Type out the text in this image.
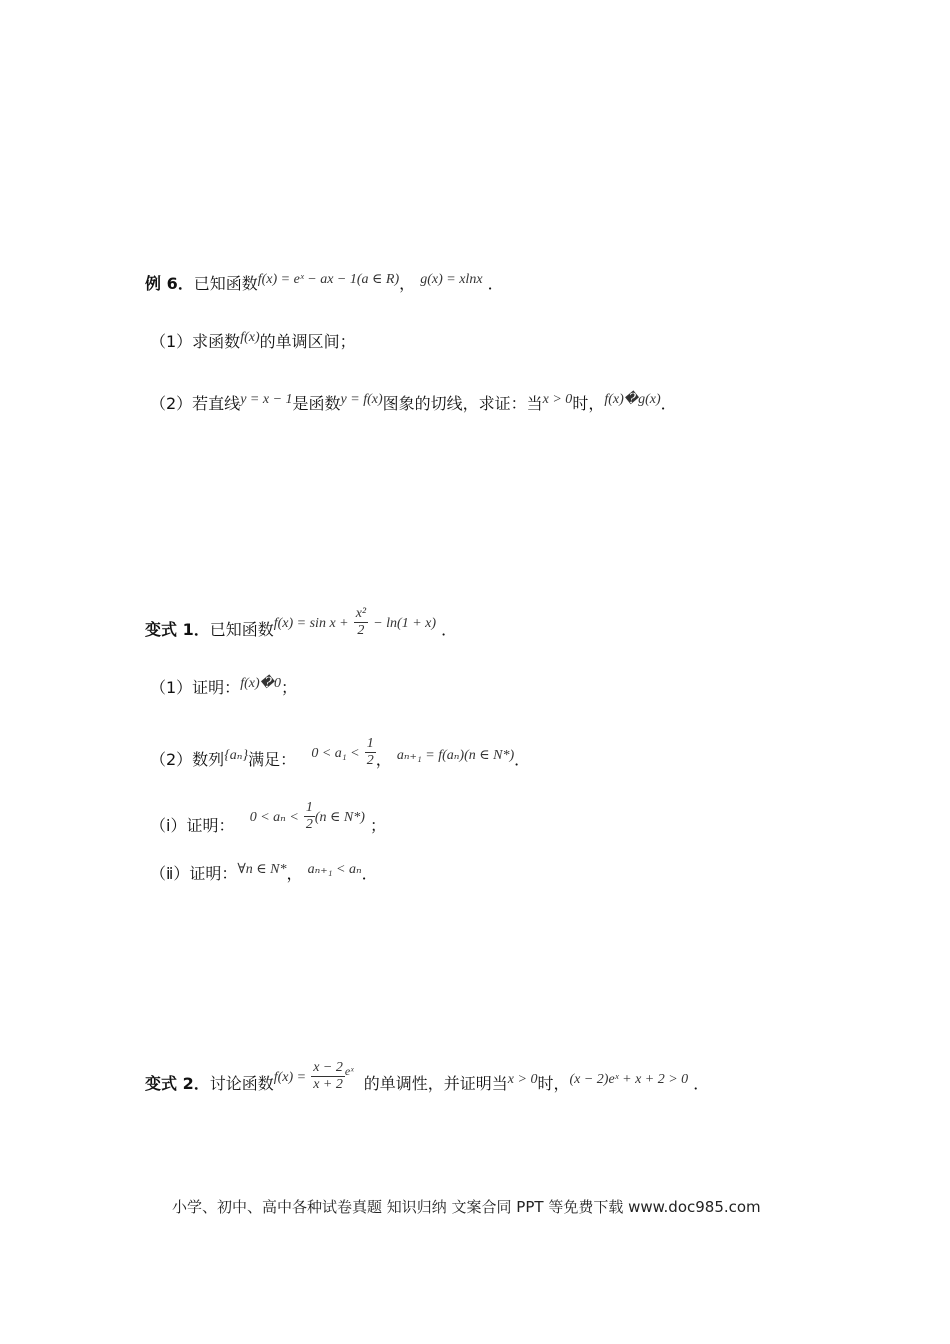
例 6．已知函数f(x) = eˣ − ax − 1(a ∈ R)， g(x) = xlnx ．
（1）求函数f(x)的单调区间；
（2）若直线y = x − 1是函数y = f(x)图象的切线，求证：当x > 0时，f(x)�g(x)．
变式 1．已知函数$f(x) = \sin x + \frac{\text{x²}}{2} - \ln(1 + x)$ ．
（1）证明：f(x)�0；
（2）数列{aₙ}满足： $0 < a_1 < \frac{1}{2}$ ， aₙ₊₁ = f(aₙ)(n ∈ N*)．
（ⅰ）证明： $0 < a_n < \frac{1}{2} (n$ ∈ N*) ；
（ⅱ）证明：∀n ∈ N*， aₙ₊₁ < aₙ．
变式 2．讨论函数$f(x) = \frac{x - 2}{x + 2} ^{eˣ}$  的单调性，并证明当x > 0时，(x − 2)eˣ + x + 2 > 0 ．
小学、初中、高中各种试卷真题 知识归纳 文案合同 PPT 等免费下载 www.doc985.com
